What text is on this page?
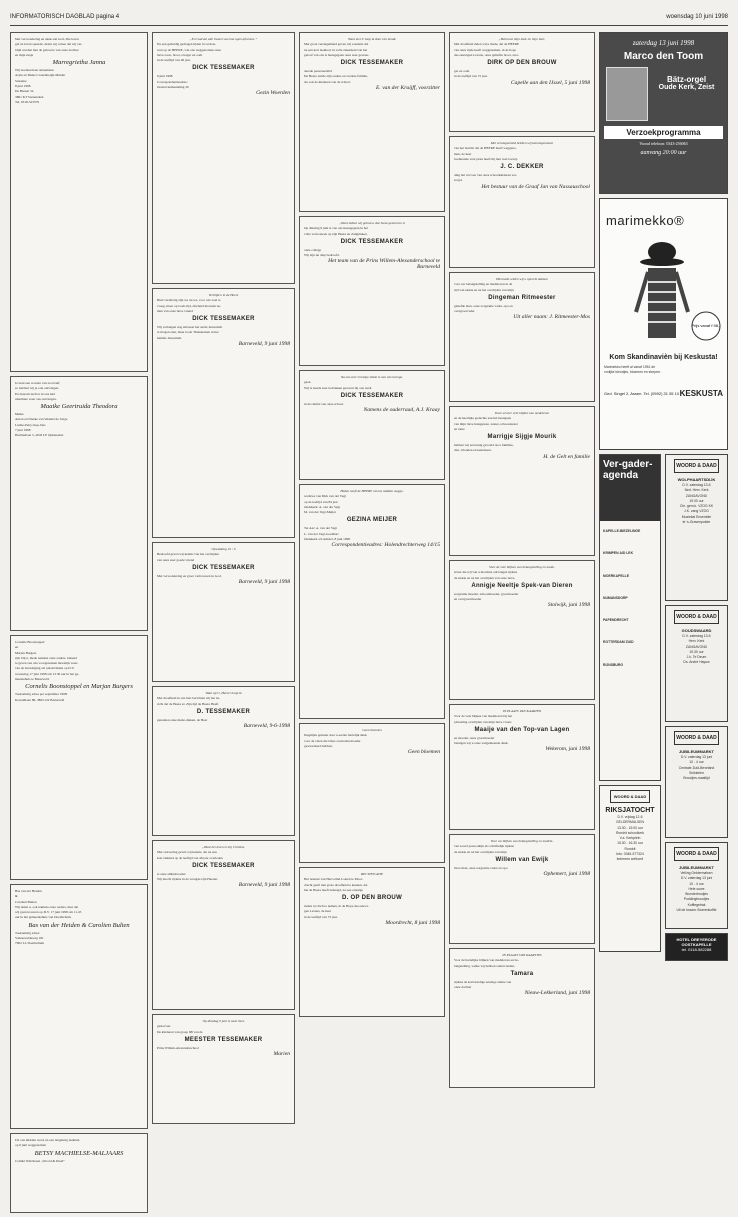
INFORMATORISCH DAGBLAD pagina 4	woensdag 10 juni 1998
Met verwondering en dank aan God, Die leven
gaf en leven spaarde, delen wij u mee dat wij ver-
blijd werden met de geboorte van onze dochter
en mijn zusje
Marregrietha Janna
Wij noemen haar Annemarie
Arjan en Dieke Cronenbergh-Mulder
Suzanne
8 juni 1998
De Biezen 54
3861 KT Veenendaal
Tel. 0318-523579
Je bent een wonder van God zelf,
zo hebben wij je ook ontvangen.
En daarom leeft er in ons hart
uitermate waar ons ontvangen.
Maaike Geertruida Theodora
Meike
Anton en Nieske van Wendel de Jonge
Lutine-Petrj-Jaap-Jans
7 juni 1998
Harmsebaat 5, 4043 LE Opheusden
Cornelis Boonstoppel
en
Marjan Burgers
zijn blij u, mede namens onze ouders, bekend
te geven van ons voorgenomen huwelijk waar-
van de bevestiging zal plaatsvinden op D.V.
woensdag 17 juni 1998 om 13.30 uur in het ge-
meentehuis te Barneveld.
Cornelis Boonstoppel en Marjan Burgers
Toekomstig adres per september 1998:
Kornalliaan 86, 3863 GX Barneveld
Bas van der Heiden
&
Carolien Bulten
Wij delen u, ook namens onze ouders, mee dat
wij gaan trouwen op D.V. 17 juni 1998 om 11.45
uur in het gemeentehuis van Doetinchem.
Bas van der Heiden & Carolien Bulten
Toekomstig adres:
Vanzeeveldeweg 181
7002 LL Doetinchem
Uit ons midden werd, na een langdurig ziekbed,
op 6 juni weggenomen
BETSY MACHIELSE-MALJAARS
Comité Walcheren „Woord & Daad”
„En God zal alle tranen van hun ogen afwissen.”
Na een geduldig gedragen lijden in vertrou-
wen op de HEERE, van ons weggenomen onze
lieve zoon, broer, zwager en oom
in de leeftijd van 46 jaar.
DICK TESSEMAKER
9 juni 1998
Correspondentieadres:
Oostervanmeuleting 20
Gezin Woerden
Verblijd u in de Heere
Heel verdrietig zijn we nu we, voor ons veel te
vroeg, maar op Gods tijd, afscheid moesten ne-
men van onze lieve vriend
DICK TESSEMAKER
Wij verlangen nog één keer het aarde Jeruzalem
te mogen zien, maar nooit Thuiskomen in het
hemels Jeruzalem.
Barneveld, 9 juni 1998
Opwekking 19 : 9
Bedroefd geven wij kennis van het overlijden
van onze zeer goede vriend
DICK TESSEMAKER
Met verwondering en groot vertrouwen in God.
Barneveld, 9 juni 1998
Want op U, Heere! hoop ik
Met droefheid in ons hart berichten wij het be-
richt dat de Heere zo Zijn tijd de Heere Heeft
D. TESSEMAKER
genomen onze mede-diaken, de Heer
Barneveld, 9-6-1998
„Want het leven is mij Christus,
Met ontroering geven wij kennis, dat na een
kort ziekbed op de leeftijd van 46 jaar overleden
DICK TESSEMAKER
is onze ambtsbroeder
Wij mocht tijdens in de vreugde zijn Heeren.
Barneveld, 9 juni 1998
Op dinsdag 9 juni is onze lieve
gestorven.
De kinderen van groep 6B van de
MEESTER TESSEMAKER
Prins Willem-Alexanderschool
Marien
Want met U loop ik door een bende
Met grote verslagenheid geven wij u kennis dat
na een kort ziekbed, in volle zekerheid van het
geloof van ons is heengegaan onze zeer gewaar-
DICK TESSEMAKER
deerde personeelslid
De Heere stelde zijn ouders en verdere familie,
als ook de kinderen van de school.
E. van der Kruijff, voorzitter
„Want indien wij geloven, dat Jezus gestorven is
Op dinsdag 9 juni is van ons heengegaan in het
volle vertrouwen op zijn Heere en Zaligmaker,
DICK TESSEMAKER
onze collega
Wij zijn nu diep bedroefd.
Het team van de Prins Willem-Alexanderschool te Barneveld
Na een zeer ernstige ziekte is van ons heenge-
gaan
Wij is steeds zeer betrokken geweest bij ons werk
DICK TESSEMAKER
in de ruimte van onze school.
Namens de ouderraad, A.J. Kraay
Heden heeft de HEERE uit ons midden wegge-
weduwe van Dirk van der Vegt
op de leeftijd van 84 jaar
Oudekerk: A. van der Vegt
M. van der Vegt-Meijer
GEZINA MEIJER
Ter Aar: A. van der Vegt
L. van der Vegt-Goedhart
Oudekerk a/d Amstel, 8 juni 1998
Correspondentieadres: Holendrechterweg 14/15
Geen bloemen
Dagelijks gelezen door u eerder hartelijk dank
voor de velen die Onze overleden moeder
gewaardeerd hebben.
Geen bloemen
RECTIFICATIE
Het bestuur van Hervormd Lokaal te Moor-
drecht geeft met grote droefheid te kennen, dat
het de Heere heeft behaagd, na een ernstige
D. OP DEN BROUW
ziekte tot Zich te nemen, in de Hope des eeuwi-
gen Levens, de heer
in de leeftijd van 72 jaar.
Moordrecht, 8 juni 1998
„Betrouwt mijn ziele en mijn hart,
Met droefheid delen wij u mede, dat de HEERE
van onze zijde heeft weggenomen, in de hope
des eeuwigen Levens, onze geliefde broer, zwa-
DIRK OP DEN BROUW
ger en oom
in de leeftijd van 72 jaar.
Capelle aan den IJssel, 5 juni 1998
Met verslagenheid hebben wij kennisgenomen
van het bericht dat de HEERE heeft weggeno-
men, de heer
Gedurende vele jaren heeft hij met veel toewij-
J. C. DEKKER
ding het vervoer van onze schoolkinderen ver-
zorgd.
Het bestuur van de Graaf Jan van Nassauschool
Hiermede willen wij u oprecht danken
voor uw belangstelling en medeleven in de
tijd van ziekte en na het overlijden van mijn
Dingeman Ritmeester
geliefde man, onze zorgzame vader, opa en
overgrootvader
Uit aller naam: J. Ritmeester-Mos
Door al zeer vele blijken van medeleven
en de heerlijke gedachte aan het heengaan
van mijn lieve huisgenote, zuster, schoonzuster
en tante
Marrigje Sijgje Mourik
hebben wij een innig gevoeld door families,
den, vrienden en kennissen.
H. de Gelt en familie
Voor de vele blijken van belangstelling en mede-
leven die wij van u mochten ontvangen tijdens
de ziekte en na het overlijden van onze lieve,
Annigje Neeltje Spek-van Dieren
zorgzame moeder, schoonmoeder, grootmoeder
en overgrootmoeder
Stolwijk, juni 1998
IN PLAATS VAN KAARTEN
Voor de vele blijken van medeleven bij het
plotseling overlijden van mijn lieve vrouw
Maaije van den Top-van Lagen
en moeder, onze grootmoeder
betuigen wij u onze welgemeende dank.
Wekerom, juni 1998
Voor uw blijken van belangstelling en medele-
ven zowel persoonlijk als schriftelijk tijdens
de ziekte en na het overlijden van mijn
Willem van Ewijk
lieve man, onze zorgzame vader en opa
Ophemert, juni 1998
IN PLAATS VAN KAARTJES
Voor de hartelijke blijken van medeleven en be-
langstelling, welke wij hebben ondervonden,
Tamara
tijdens de kortstondige ernstige ziekte van
onze dochter
Nieuw-Lekkerland, juni 1998
zaterdag 13 juni 1998
Marco den Toom
Bätz-orgel
Oude Kerk, Zeist
Verzoekprogramma
Vooraf telefoon: 0343-256063
aanvang 20:00 uur
marimekko®
Prijs vanaf f 98,-
Kom Skandinavièn bij Keskusta!
Marimekko heeft al vanaf 1951 de
vrolijke kleurtjes, bloemen en strepen.
Ged. Singel 2, Assen. Tel. (0592) 31 55 10 KESKUSTA
Ver-gader-agenda
KAPELLE-BIEZELINGE
KRIMPEN A/D LEK
MOERKAPELLE
NUMANSDORP
PAPENDRECHT
ROTTERDAM ZUID
RIJNSBURG
WOORD & DAAD
RIKSJATOCHT
D.V. vrijdag 12-6
GELDERMALSEN
13.30 - 15.00 uur
Rondrit schoolkerk
V.a. Kerkplein
15.30 - 16.30 uur
Rondrit
Info: 0345-577324
Iedereen welkom!
WOORD & DAAD
WOLPHAARTSDIJK
D.V. zaterdag 13-6
Ned. Herv. Kerk
ZANGAVOND
19.00 uur
Chr. gem.k. VZOG KK
J.K. zang VZOG
Muziekal Ensemble
te 's-Gravenpolder
WOORD & DAAD
GOUDSWAARD
D.V. zaterdag 13-6
Herv. Kerk
ZANGAVOND
19.30 uur
J.k. Te Deum
Ds. André Hayuw
WOORD & DAAD
JUBILEUMMARKT
D.V. zaterdag 13 juni
10 - 4 uur
Centrale Zuid-Beveland
Snikkelen
Broodjes-maaltijd
WOORD & DAAD
JUBILEUMMARKT
Veiling Geldermalsen
D.V. zaterdag 13 juni
10 - 4 uur
Hele ouwe
Wonderbrodjes
Puddingbroodjes
Koffiegebak
Uit de kraam: Boerenkoffie
HOTEL DREYERODE
OOSTKAPELLE
tel. 0118-582288
